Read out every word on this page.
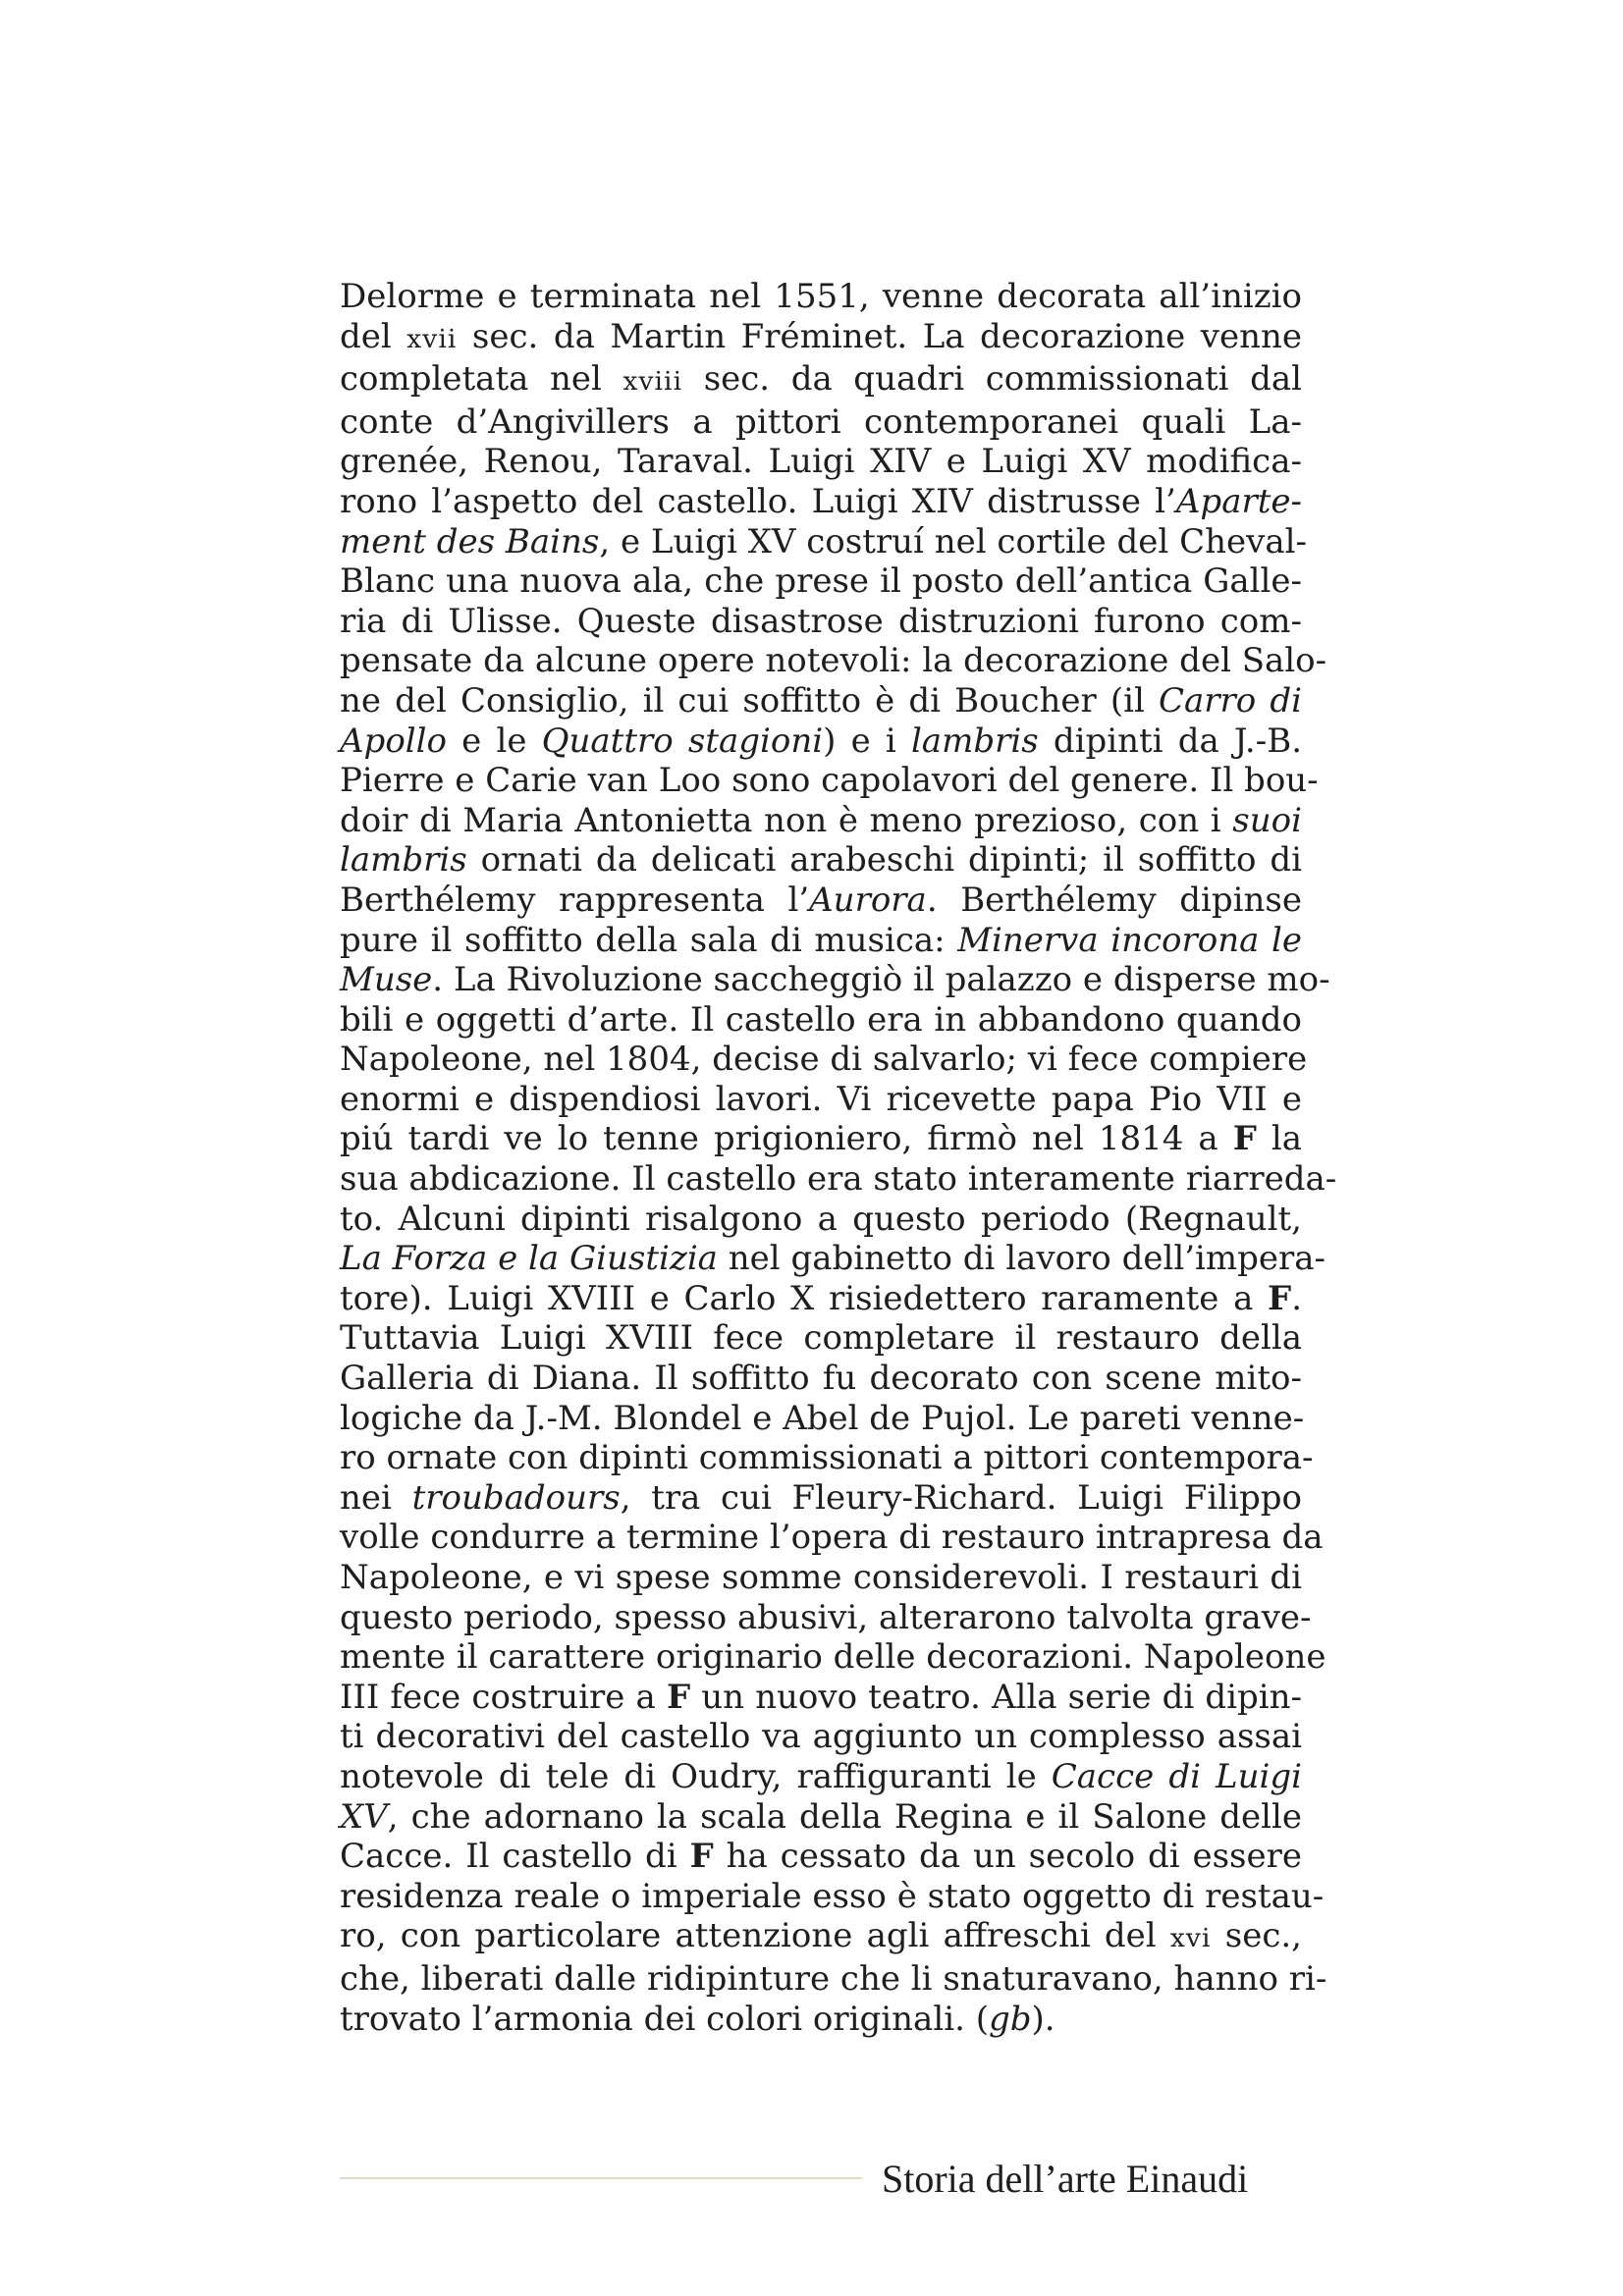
Delorme e terminata nel 1551, venne decorata all’inizio
del xvii sec. da Martin Fréminet. La decorazione venne
completata nel xviii sec. da quadri commissionati dal
conte d’Angivillers a pittori contemporanei quali La-
grenée, Renou, Taraval. Luigi XIV e Luigi XV modifica-
rono l’aspetto del castello. Luigi XIV distrusse l’Aparte-
ment des Bains, e Luigi XV costruí nel cortile del Cheval-
Blanc una nuova ala, che prese il posto dell’antica Galle-
ria di Ulisse. Queste disastrose distruzioni furono com-
pensate da alcune opere notevoli: la decorazione del Salo-
ne del Consiglio, il cui soffitto è di Boucher (il Carro di
Apollo e le Quattro stagioni) e i lambris dipinti da J.-B.
Pierre e Carie van Loo sono capolavori del genere. Il bou-
doir di Maria Antonietta non è meno prezioso, con i suoi
lambris ornati da delicati arabeschi dipinti; il soffitto di
Berthélemy rappresenta l’Aurora. Berthélemy dipinse
pure il soffitto della sala di musica: Minerva incorona le
Muse. La Rivoluzione saccheggiò il palazzo e disperse mo-
bili e oggetti d’arte. Il castello era in abbandono quando
Napoleone, nel 1804, decise di salvarlo; vi fece compiere
enormi e dispendiosi lavori. Vi ricevette papa Pio VII e
piú tardi ve lo tenne prigioniero, firmò nel 1814 a F la
sua abdicazione. Il castello era stato interamente riarreda-
to. Alcuni dipinti risalgono a questo periodo (Regnault,
La Forza e la Giustizia nel gabinetto di lavoro dell’impera-
tore). Luigi XVIII e Carlo X risiedettero raramente a F.
Tuttavia Luigi XVIII fece completare il restauro della
Galleria di Diana. Il soffitto fu decorato con scene mito-
logiche da J.-M. Blondel e Abel de Pujol. Le pareti venne-
ro ornate con dipinti commissionati a pittori contempora-
nei troubadours, tra cui Fleury-Richard. Luigi Filippo
volle condurre a termine l’opera di restauro intrapresa da
Napoleone, e vi spese somme considerevoli. I restauri di
questo periodo, spesso abusivi, alterarono talvolta grave-
mente il carattere originario delle decorazioni. Napoleone
III fece costruire a F un nuovo teatro. Alla serie di dipin-
ti decorativi del castello va aggiunto un complesso assai
notevole di tele di Oudry, raffiguranti le Cacce di Luigi
XV, che adornano la scala della Regina e il Salone delle
Cacce. Il castello di F ha cessato da un secolo di essere
residenza reale o imperiale esso è stato oggetto di restau-
ro, con particolare attenzione agli affreschi del xvi sec.,
che, liberati dalle ridipinture che li snaturavano, hanno ri-
trovato l’armonia dei colori originali. (gb).
Storia dell’arte Einaudi
